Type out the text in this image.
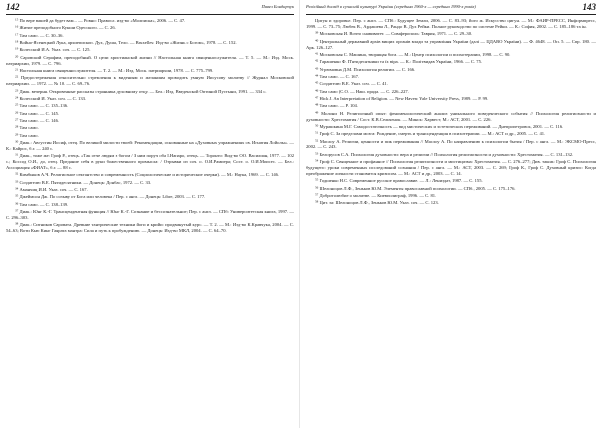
142	Павел Бондарчук

$^{15}$ По вере вашей да будет вам... — Ровно: Правосл. изд-во «Молписка», 2006. — С. 47.

$^{16}$ Житие преподобного Кукши Одесского. — С. 26.

$^{17}$ Там само. — С. 30–36.

$^{18}$ Войно-Ясенецкий Лука, архиепископ. Дух, Душа, Тело. — Bruxelles: Изд-во «Жизнь с Богом», 1978. — С. 152.

$^{19}$ Колесский И.А. Указ. соч. — С. 125.

$^{20}$ Саровский Серафим, преподобный. О цели христианской жизни // Настольная книга священнослужителя. — Т. 5. — М.: Изд. Моск. патриархии, 1979. — С. 796.

$^{21}$ Настольная книга священнослужителя. — Т. 2. — М.: Изд. Моск. патриархии, 1978. — С. 775–799.

$^{22}$ Предостережения относительно стремления к видениям и желаниям проводить умную Иисусову молитву // Журнал Московской патриархии. — 1972. — № 10. — С. 69–76.

$^{23}$ Диак. вечерня. Откровенные рассказы странника духовному отцу. — Бел.: Изд. Введенской Оптиной Пустыни, 1991. — 334 с.

$^{24}$ Колесский И. Указ. соч. — С. 133.

$^{25}$ Там само. — С. 135–136.

$^{26}$ Там само. — С. 145.

$^{27}$ Там само. — С. 146.

$^{28}$ Там само.

$^{29}$ Там само.

$^{30}$ Диак.: Августин Иосиф, отец. По великой милости твоей: Рекомендации, основанные на «Духовных упражнениях св. Игнатия Лойолы». — К.: Кайрос, б.г. — 240 с.

$^{31}$ Диак., тоже же: Гроф Р., отець. «Так отче людям з богом / З ним поруч оба І.Напаро, отець. — Торонто: Вид-во ОО. Василиан, 1977. — 102 с.; Коссод О.И., до, отец. Предание себя в руки божественного промысла: / Отрывки из соч. о. О.И.Рамиера; Сост. о. О.И.Моисес. — Бел.: Ассоциация «ФИАТ», б.г. — 88 с.

$^{32}$ Кимбыков А.Ч. Религиозное сектантство и современность (Социологические и исторические очерки). — М.: Наука, 1969. — С. 146.

$^{33}$ Создателю В.Е. Пятидесятники. — Донецк: Донбас, 1972. — С. 33.

$^{34}$ Аманчиц И.И. Указ. соч. — С. 167.

$^{35}$ Джеймсон Дж. По созыву от Бога или человека / Пер. с англ. — Донецк: Libre, 2003. — С. 177.

$^{36}$ Там само. — С. 138–139.

$^{37}$ Диак.: Юнг К.-Г. Трансцендентная функция // Юнг К.-Г. Сознание и бессознательное; Пер. с англ. — СПб: Университетская книга, 1997. — С. 296–303.

$^{38}$ Диак.: Ситников Саровата. Древние тантрические техники йоги и крийи: продвинутый курс. — Т. 2. — М.: Изд-во К.Кравчука, 2004. — С. 54–63; Воти Кью Кинг Гаярата мантра: Сила и путь к пробуждению. — Донецк: Изд-во МКЛ, 2004. — С. 64–70.

Релігійний досвід в сучасній культурі України (середина 1960-х — середина 1990-х років)	143

Цигун и здоровье. Пер. с англ. — СПб.: Будущее Земли, 2006. — С. 83–93; його ж. Искусство цигун. — М.: ФАИР-ПРЕСС, Информпресс, 1999. — С. 73–75; Любек В., Ардашева Л., Рандо В. Дух Рейки. Полное руководство по системе Рейки. — К.: София, 2002. — С. 185–186 та ін.

$^{39}$ Московская И. Вочто снавиватет. — Симферополь: Таврия, 1971. — С. 29–30.

$^{40}$ Центральный державний архів вищих органів влади та управління України (далі — ЦДАВО України). — Ф. 4648. — Оп. 5. — Спр. 180. — Арк. 126–127.

$^{41}$ Московская С. Машина, творящая бога. — М.: Центр психологии и психотерапии, 1998. — С. 90.

$^{42}$ Гарашенко Ф. П'ятидесятники та їх віра. — К.: Політвидав України, 1966. — С. 75.

$^{43}$ Угрюмовна Д.М. Психология религии. — С. 166.

$^{44}$ Там само. — С. 167.

$^{45}$ Создателю В.Е. Указ. соч. — С. 41.

$^{46}$ Там само (С.О. — Наш. прада. — С. 226–227.

$^{47}$ Hick J. An Interpretation of Religion. — New Haven: Yale University Press, 1989. — P. 99.

$^{48}$ Там само. — P. 104.

$^{49}$ Молони Н. Религиозный опыт: феноменологический анализ уникального поведенческого события // Психология религиозности и духовности: Хрестоматия / Сост. К.В.Сельченок. — Минск: Харвест; М.: АСТ, 2001. — С. 226.

$^{50}$ Мурашкина М.Г. Самодостаточность — вид мистических и эстетических переживаний. — Днепропетровск, 2001. — С. 116.

$^{51}$ Гроф С. За пределами мозга: Рождение, смерть и трансценденция в психотерапии. — М.: АСТ и др., 2005. — С. 41.

$^{52}$ Маслоу А. Религии, ценности и пик переживания // Маслоу А. По направлению к психологии бытия / Пер. с англ. — М.: ЭКСМО-Пресс, 2002. — С. 243.

$^{53}$ Белорусов С.А. Психология духовности: вера и религии // Психология религиозности и духовности: Хрестоматия. — С. 131–132.

$^{54}$ Гроф С. Священное и профанное // Психология религиозности и мистицизма: Хрестоматия. — С. 276–277; Див. також: Гроф С. Психология будущего: уроки современных исследований сознания / Пер. с англ. — М.: АСТ, 2003. — С. 269; Гроф К., Гроф С. Духовный кризис: Когда преображение личности становится кризисом. — М.: АСТ и др., 2003. — С. 14.

$^{55}$ Годшенко Н.С. Современное русское православие. — Л.: Лениздат, 1987. — С. 155.

$^{56}$ Шелоноцов Л.Ф., Зеньков Ю.М. Элементы православной психологии. — СПб., 2005. — С. 175–176.

$^{57}$ Добротолюбие о молитве. — Киевполиграф, 1996. — С. 81.

$^{58}$ Цит. за: Шелоноцов Л.Ф., Зеньков Ю.М. Указ. соч. — С. 123.
